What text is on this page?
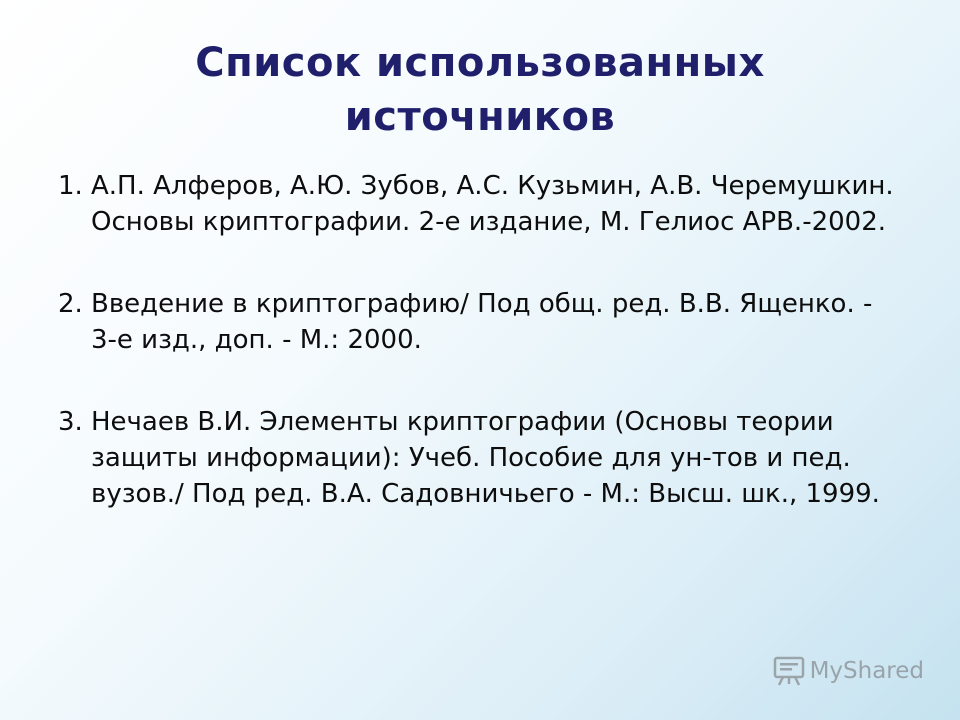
Список использованных источников
1. А.П. Алферов, А.Ю. Зубов, А.С. Кузьмин, А.В. Черемушкин. Основы криптографии. 2-е издание, М. Гелиос АРВ.-2002.
2. Введение в криптографию/ Под общ. ред. В.В. Ященко. - 3-е изд., доп. - М.: 2000.
3. Нечаев В.И. Элементы криптографии (Основы теории защиты информации): Учеб. Пособие для ун-тов и пед. вузов./ Под ред. В.А. Садовничьего - М.: Высш. шк., 1999.
MyShared
